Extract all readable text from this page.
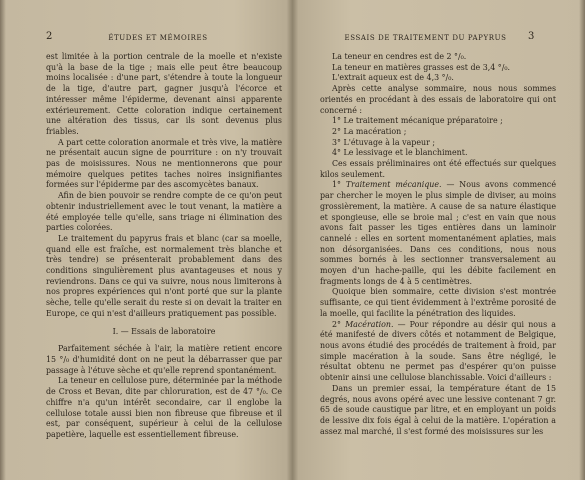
2	ÉTUDES ET MÉMOIRES

est limitée à la portion centrale de la moelle et n'existe qu'à la base de la tige ; mais elle peut être beaucoup moins localisée : d'une part, s'étendre à toute la longueur de la tige, d'autre part, gagner jusqu'à l'écorce et intéresser même l'épiderme, devenant ainsi apparente extérieurement. Cette coloration indique certainement une altération des tissus, car ils sont devenus plus friables.

A part cette coloration anormale et très vive, la matière ne présentait aucun signe de pourriture : on n'y trouvait pas de moisissures. Nous ne mentionnerons que pour mémoire quelques petites taches noires insignifiantes formées sur l'épiderme par des ascomycètes banaux.

Afin de bien pouvoir se rendre compte de ce qu'on peut obtenir industriellement avec le tout venant, la matière a été employée telle qu'elle, sans triage ni élimination des parties colorées.

Le traitement du papyrus frais et blanc (car sa moelle, quand elle est fraîche, est normalement très blanche et très tendre) se présenterait probablement dans des conditions singulièrement plus avantageuses et nous y reviendrons. Dans ce qui va suivre, nous nous limiterons à nos propres expériences qui n'ont porté que sur la plante sèche, telle qu'elle serait du reste si on devait la traiter en Europe, ce qui n'est d'ailleurs pratiquement pas possible.

I. — Essais de laboratoire

Parfaitement séchée à l'air, la matière retient encore 15 °/₀ d'humidité dont on ne peut la débarrasser que par passage à l'étuve sèche et qu'elle reprend spontanément.

La teneur en cellulose pure, déterminée par la méthode de Cross et Bevan, dite par chloruration, est de 47 °/₀. Ce chiffre n'a qu'un intérêt secondaire, car il englobe la cellulose totale aussi bien non fibreuse que fibreuse et il est, par conséquent, supérieur à celui de la cellulose papetière, laquelle est essentiellement fibreuse.

ESSAIS DE TRAITEMENT DU PAPYRUS	3

La teneur en cendres est de 2 °/₀.

La teneur en matières grasses est de 3,4 °/₀.

L'extrait aqueux est de 4,3 °/₀.

Après cette analyse sommaire, nous nous sommes orientés en procédant à des essais de laboratoire qui ont concerné :

1° Le traitement mécanique préparatoire ;

2° La macération ;

3° L'étuvage à la vapeur ;

4° Le lessivage et le blanchiment.

Ces essais préliminaires ont été effectués sur quelques kilos seulement.

1° Traitement mécanique. — Nous avons commencé par chercher le moyen le plus simple de diviser, au moins grossièrement, la matière. A cause de sa nature élastique et spongieuse, elle se broie mal ; c'est en vain que nous avons fait passer les tiges entières dans un laminoir cannelé : elles en sortent momentanément aplaties, mais non désorganisées. Dans ces conditions, nous nous sommes bornés à les sectionner transversalement au moyen d'un hache-paille, qui les débite facilement en fragments longs de 4 à 5 centimètres.

Quoique bien sommaire, cette division s'est montrée suffisante, ce qui tient évidemment à l'extrême porosité de la moelle, qui facilite la pénétration des liquides.

2° Macération. — Pour répondre au désir qui nous a été manifesté de divers côtés et notamment de Belgique, nous avons étudié des procédés de traitement à froid, par simple macération à la soude. Sans être négligé, le résultat obtenu ne permet pas d'espérer qu'on puisse obtenir ainsi une cellulose blanchissable. Voici d'ailleurs :

Dans un premier essai, la température étant de 15 degrés, nous avons opéré avec une lessive contenant 7 gr. 65 de soude caustique par litre, et en employant un poids de lessive dix fois égal à celui de la matière. L'opération a assez mal marché, il s'est formé des moisissures sur les
